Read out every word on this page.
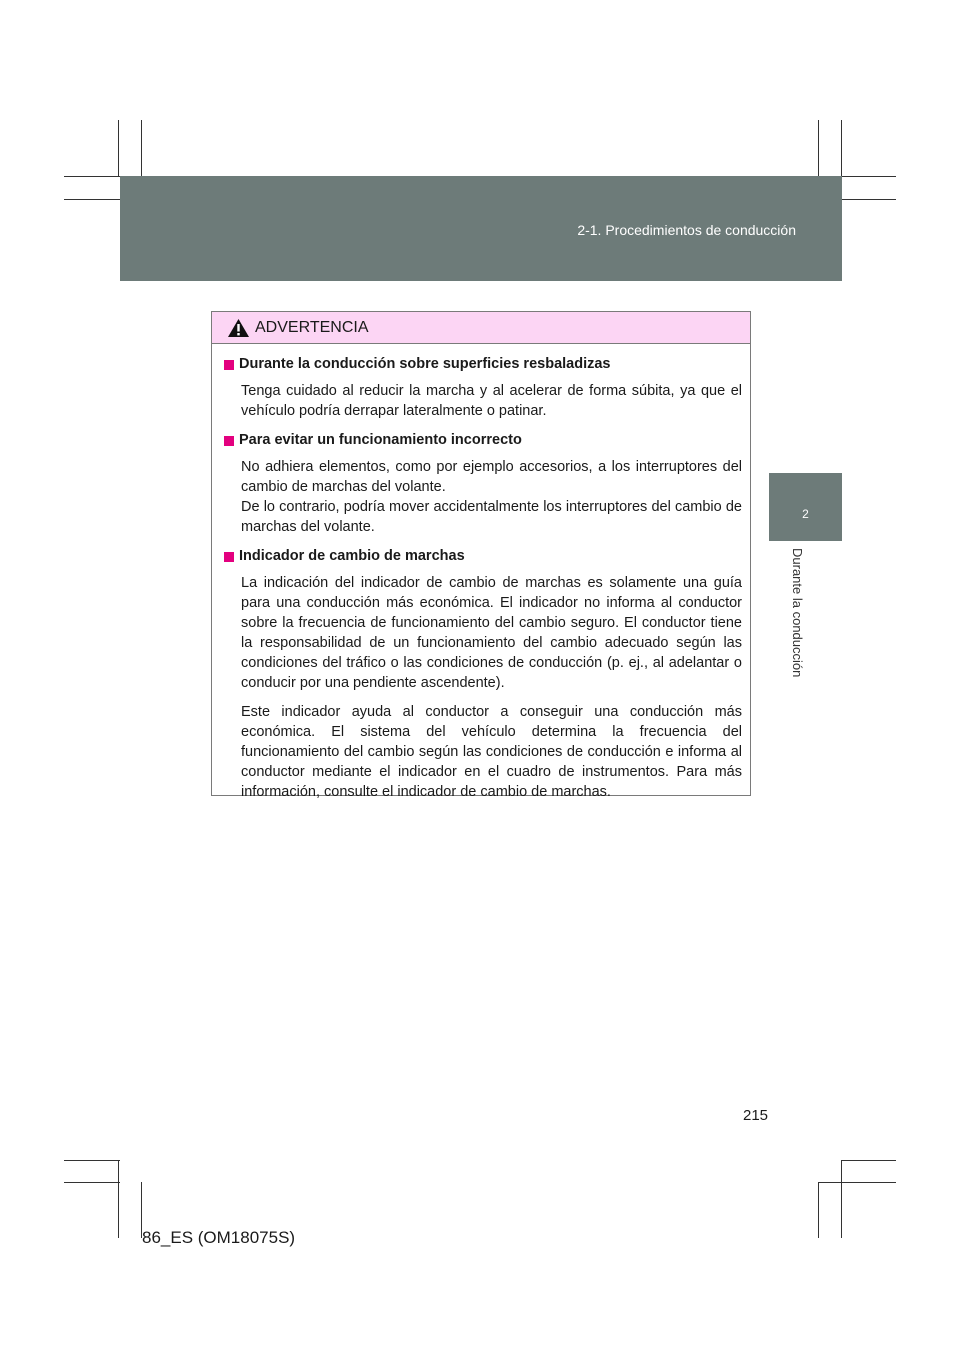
2-1. Procedimientos de conducción
2
Durante la conducción
ADVERTENCIA
Durante la conducción sobre superficies resbaladizas
Tenga cuidado al reducir la marcha y al acelerar de forma súbita, ya que el vehículo podría derrapar lateralmente o patinar.
Para evitar un funcionamiento incorrecto
No adhiera elementos, como por ejemplo accesorios, a los interruptores del cambio de marchas del volante.
De lo contrario, podría mover accidentalmente los interruptores del cambio de marchas del volante.
Indicador de cambio de marchas
La indicación del indicador de cambio de marchas es solamente una guía para una conducción más económica. El indicador no informa al conductor sobre la frecuencia de funcionamiento del cambio seguro. El conductor tiene la responsabilidad de un funcionamiento del cambio adecuado según las condiciones del tráfico o las condiciones de conducción (p. ej., al adelantar o conducir por una pendiente ascendente).
Este indicador ayuda al conductor a conseguir una conducción más económica. El sistema del vehículo determina la frecuencia del funcionamiento del cambio según las condiciones de conducción e informa al conductor mediante el indicador en el cuadro de instrumentos. Para más información, consulte el indicador de cambio de marchas.
215
86_ES (OM18075S)
